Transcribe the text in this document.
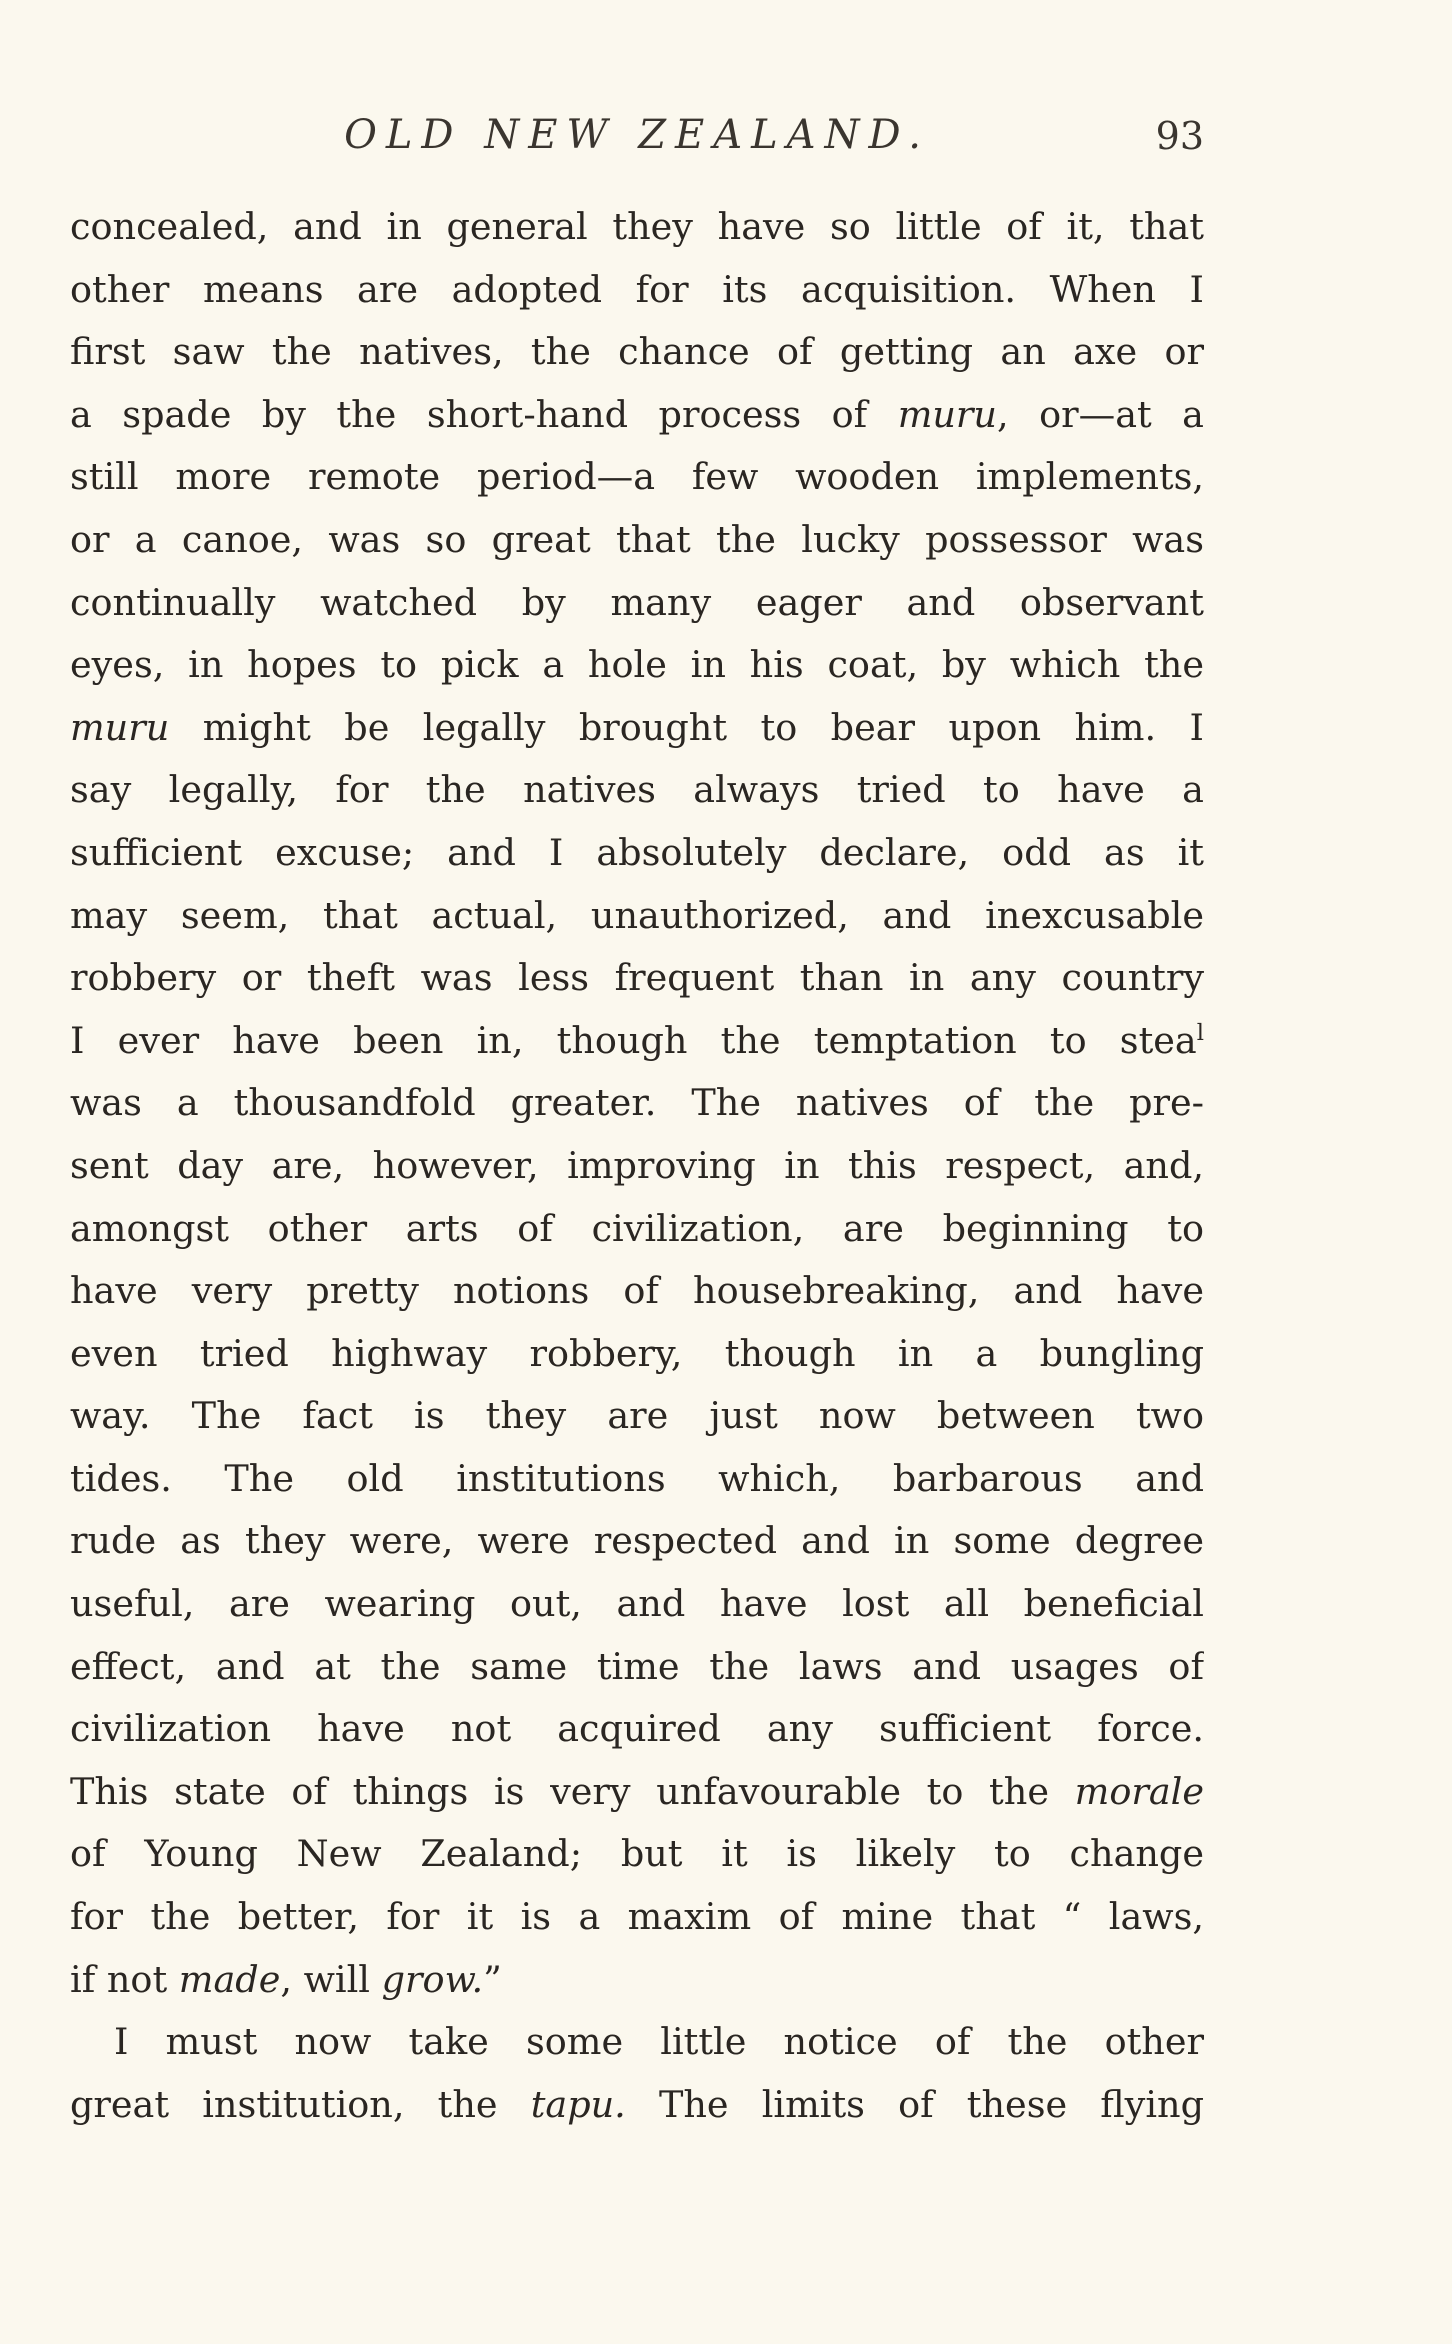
OLD NEW ZEALAND.	93
concealed, and in general they have so little of it, that
other means are adopted for its acquisition. When I
first saw the natives, the chance of getting an axe or
a spade by the short-hand process of muru, or—at a
still more remote period—a few wooden implements,
or a canoe, was so great that the lucky possessor was
continually watched by many eager and observant
eyes, in hopes to pick a hole in his coat, by which the
muru might be legally brought to bear upon him. I
say legally, for the natives always tried to have a
sufficient excuse; and I absolutely declare, odd as it
may seem, that actual, unauthorized, and inexcusable
robbery or theft was less frequent than in any country
I ever have been in, though the temptation to stea$^l$
was a thousandfold greater. The natives of the pre-
sent day are, however, improving in this respect, and,
amongst other arts of civilization, are beginning to
have very pretty notions of housebreaking, and have
even tried highway robbery, though in a bungling
way. The fact is they are just now between two
tides. The old institutions which, barbarous and
rude as they were, were respected and in some degree
useful, are wearing out, and have lost all beneficial
effect, and at the same time the laws and usages of
civilization have not acquired any sufficient force.
This state of things is very unfavourable to the morale
of Young New Zealand; but it is likely to change
for the better, for it is a maxim of mine that “ laws,
if not made, will grow.”
I must now take some little notice of the other
great institution, the tapu. The limits of these flying
